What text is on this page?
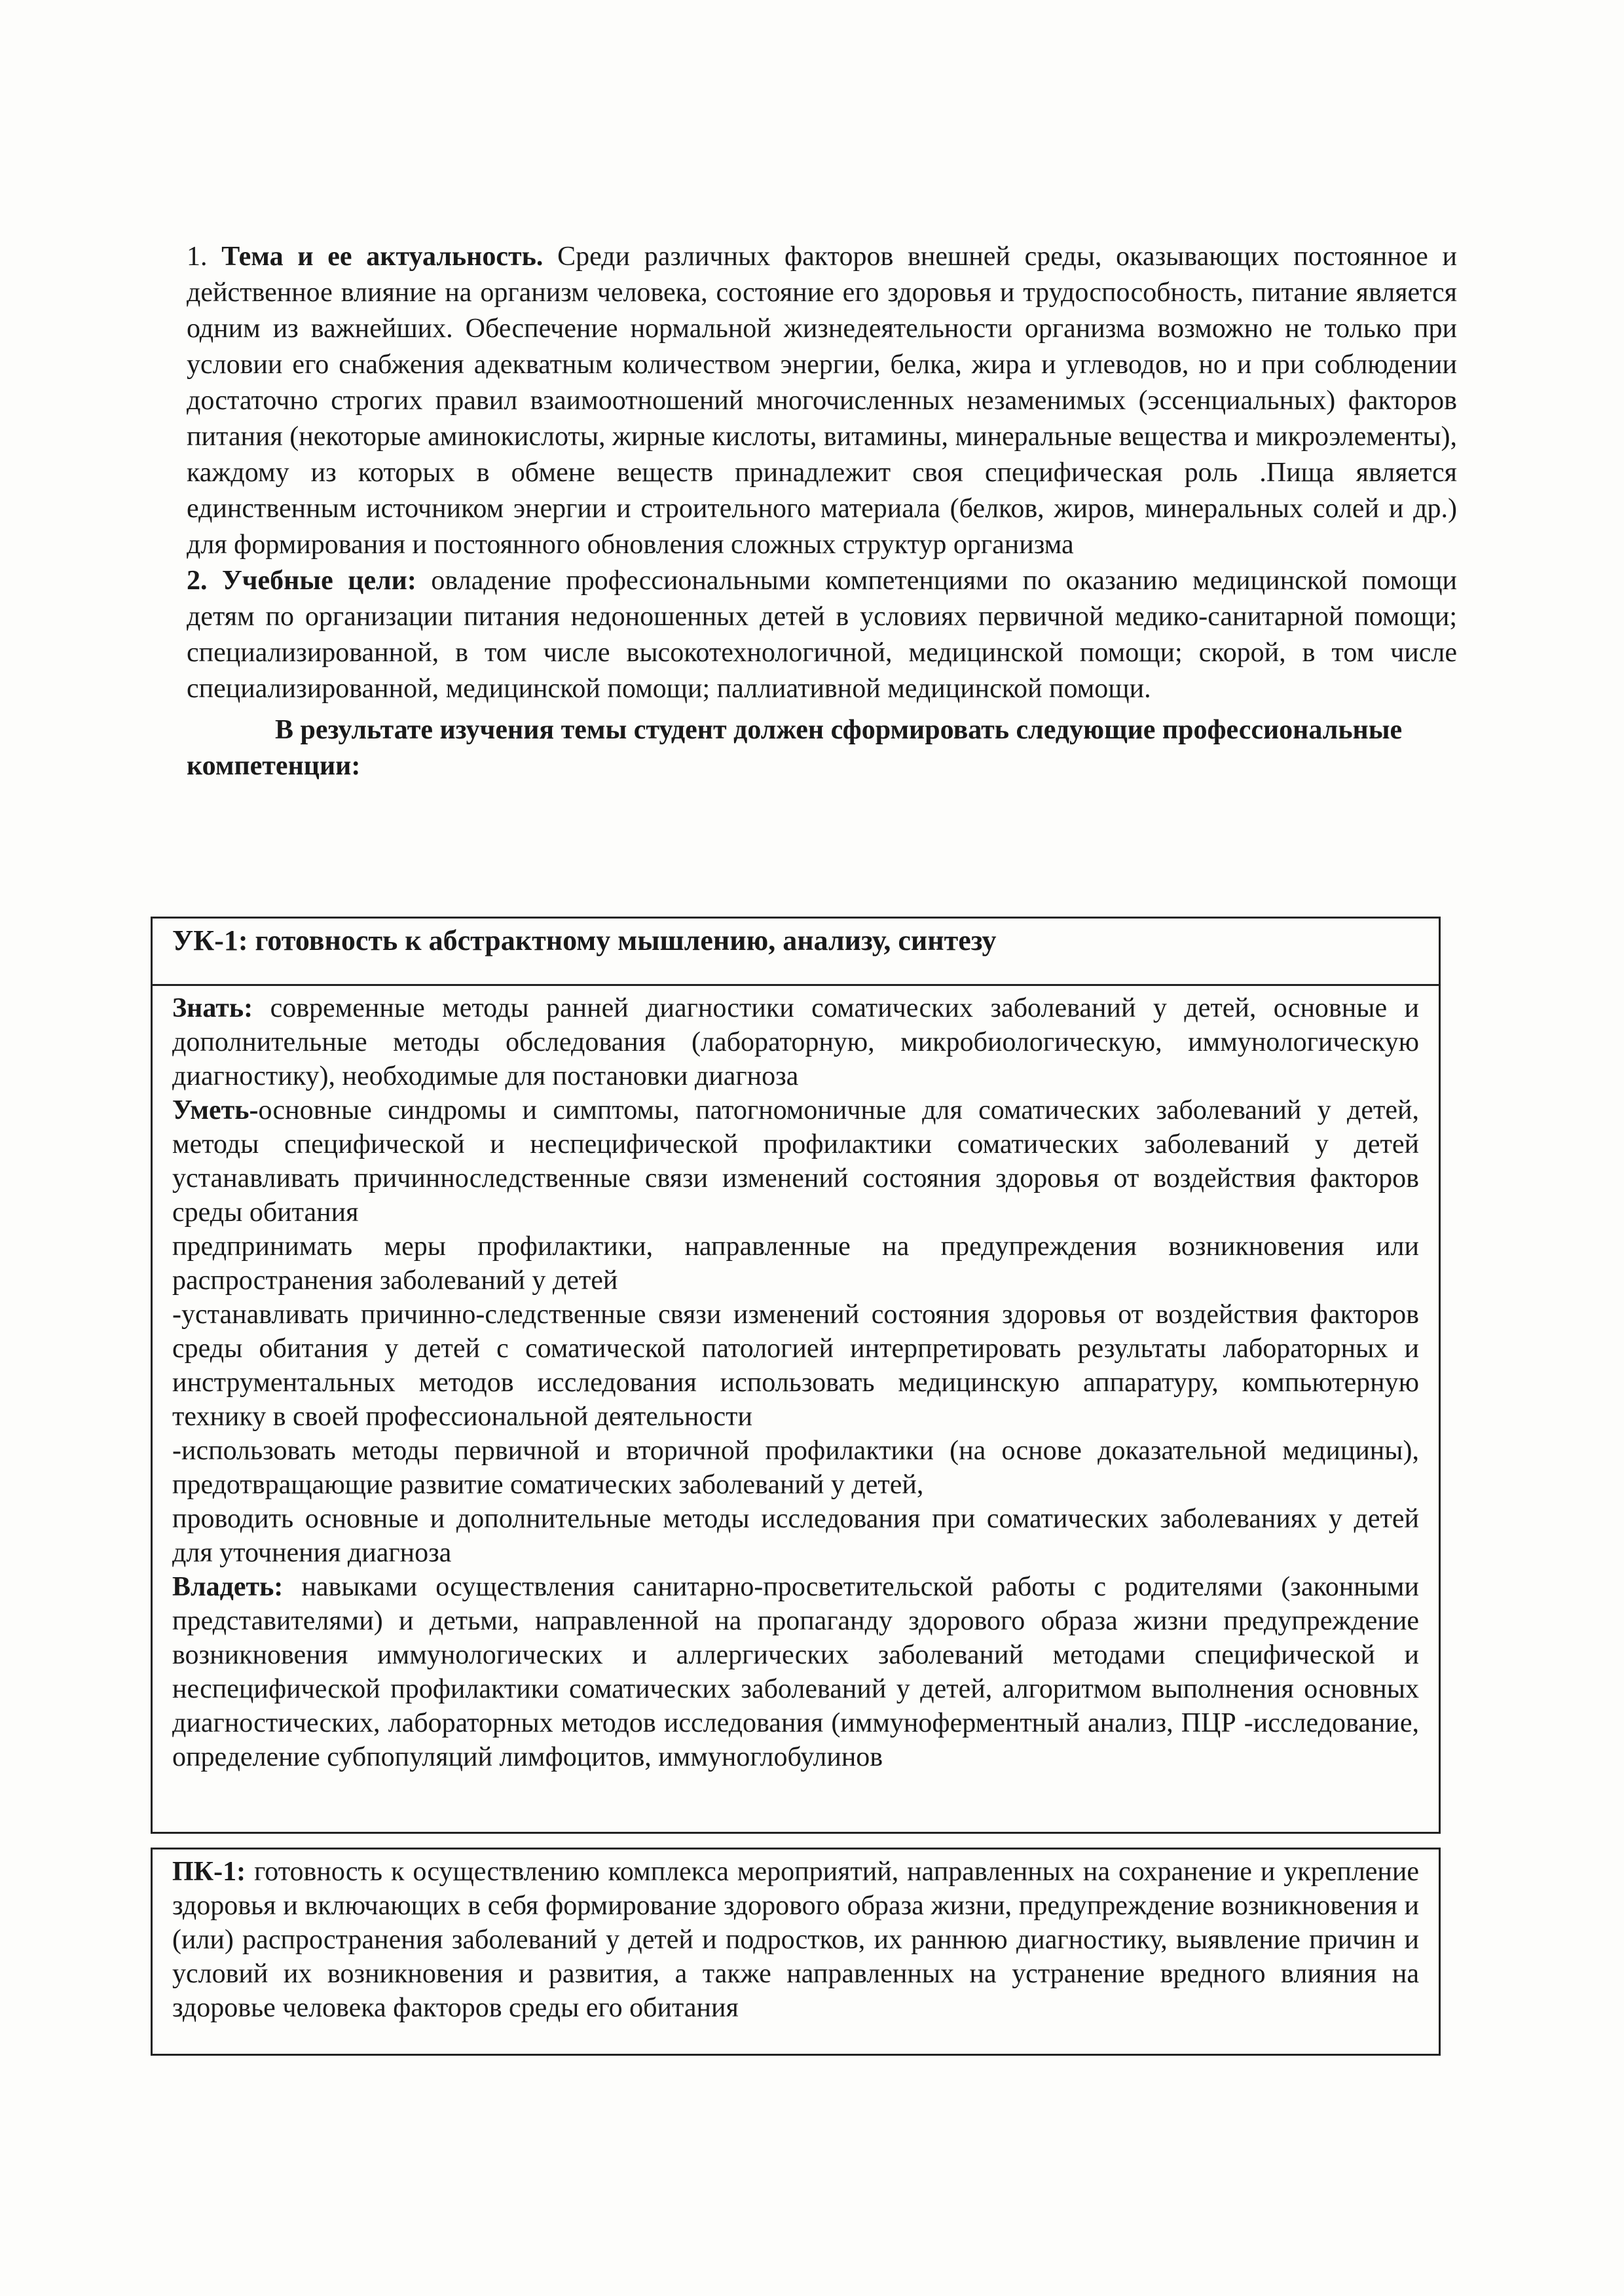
1. Тема и ее актуальность. Среди различных факторов внешней среды, оказывающих постоянное и действенное влияние на организм человека, состояние его здоровья и трудоспособность, питание является одним из важнейших. Обеспечение нормальной жизнедеятельности организма возможно не только при условии его снабжения адекватным количеством энергии, белка, жира и углеводов, но и при соблюдении достаточно строгих правил взаимоотношений многочисленных незаменимых (эссенциальных) факторов питания (некоторые аминокислоты, жирные кислоты, витамины, минеральные вещества и микроэлементы), каждому из которых в обмене веществ принадлежит своя специфическая роль .Пища является единственным источником энергии и строительного материала (белков, жиров, минеральных солей и др.) для формирования и постоянного обновления сложных структур организма

2. Учебные цели: овладение профессиональными компетенциями по оказанию медицинской помощи детям по организации питания недоношенных детей в условиях первичной медико-санитарной помощи; специализированной, в том числе высокотехнологичной, медицинской помощи; скорой, в том числе специализированной, медицинской помощи; паллиативной медицинской помощи.

В результате изучения темы студент должен сформировать следующие профессиональные компетенции:

УК-1: готовность к абстрактному мышлению, анализу, синтезу

Знать: современные методы ранней диагностики соматических заболеваний у детей, основные и дополнительные методы обследования (лабораторную, микробиологическую, иммунологическую диагностику), необходимые для постановки диагноза

Уметь-основные синдромы и симптомы, патогномоничные для соматических заболеваний у детей, методы специфической и неспецифической профилактики соматических заболеваний у детей устанавливать причинноследственные связи изменений состояния здоровья от воздействия факторов среды обитания

предпринимать меры профилактики, направленные на предупреждения возникновения или распространения заболеваний у детей

-устанавливать причинно-следственные связи изменений состояния здоровья от воздействия факторов среды обитания у детей с соматической патологией интерпретировать результаты лабораторных и инструментальных методов исследования использовать медицинскую аппаратуру, компьютерную технику в своей профессиональной деятельности

-использовать методы первичной и вторичной профилактики (на основе доказательной медицины), предотвращающие развитие соматических заболеваний у детей,

проводить основные и дополнительные методы исследования при соматических заболеваниях у детей для уточнения диагноза

Владеть: навыками осуществления санитарно-просветительской работы с родителями (законными представителями) и детьми, направленной на пропаганду здорового образа жизни предупреждение возникновения иммунологических и аллергических заболеваний методами специфической и неспецифической профилактики соматических заболеваний у детей, алгоритмом выполнения основных диагностических, лабораторных методов исследования (иммуноферментный анализ, ПЦР -исследование, определение субпопуляций лимфоцитов, иммуноглобулинов

ПК-1: готовность к осуществлению комплекса мероприятий, направленных на сохранение и укрепление здоровья и включающих в себя формирование здорового образа жизни, предупреждение возникновения и (или) распространения заболеваний у детей и подростков, их раннюю диагностику, выявление причин и условий их возникновения и развития, а также направленных на устранение вредного влияния на здоровье человека факторов среды его обитания
